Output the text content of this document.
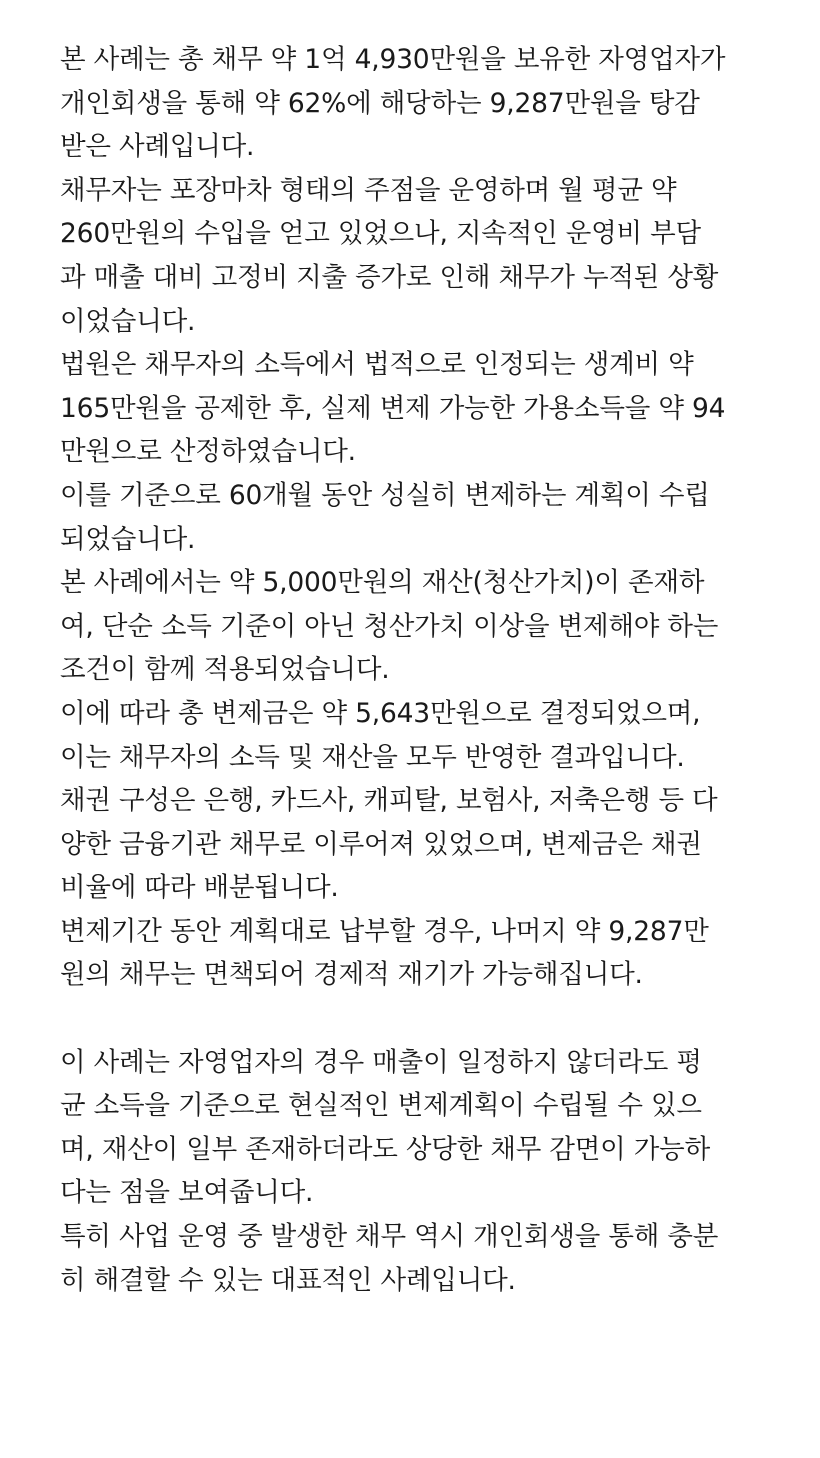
본 사례는 총 채무 약 1억 4,930만원을 보유한 자영업자가
개인회생을 통해 약 62%에 해당하는 9,287만원을 탕감
받은 사례입니다.

채무자는 포장마차 형태의 주점을 운영하며 월 평균 약
260만원의 수입을 얻고 있었으나, 지속적인 운영비 부담
과 매출 대비 고정비 지출 증가로 인해 채무가 누적된 상황
이었습니다.

법원은 채무자의 소득에서 법적으로 인정되는 생계비 약
165만원을 공제한 후, 실제 변제 가능한 가용소득을 약 94
만원으로 산정하였습니다.

이를 기준으로 60개월 동안 성실히 변제하는 계획이 수립
되었습니다.

본 사례에서는 약 5,000만원의 재산(청산가치)이 존재하
여, 단순 소득 기준이 아닌 청산가치 이상을 변제해야 하는
조건이 함께 적용되었습니다.

이에 따라 총 변제금은 약 5,643만원으로 결정되었으며,
이는 채무자의 소득 및 재산을 모두 반영한 결과입니다.

채권 구성은 은행, 카드사, 캐피탈, 보험사, 저축은행 등 다
양한 금융기관 채무로 이루어져 있었으며, 변제금은 채권
비율에 따라 배분됩니다.

변제기간 동안 계획대로 납부할 경우, 나머지 약 9,287만
원의 채무는 면책되어 경제적 재기가 가능해집니다.

이 사례는 자영업자의 경우 매출이 일정하지 않더라도 평
균 소득을 기준으로 현실적인 변제계획이 수립될 수 있으
며, 재산이 일부 존재하더라도 상당한 채무 감면이 가능하
다는 점을 보여줍니다.

특히 사업 운영 중 발생한 채무 역시 개인회생을 통해 충분
히 해결할 수 있는 대표적인 사례입니다.
